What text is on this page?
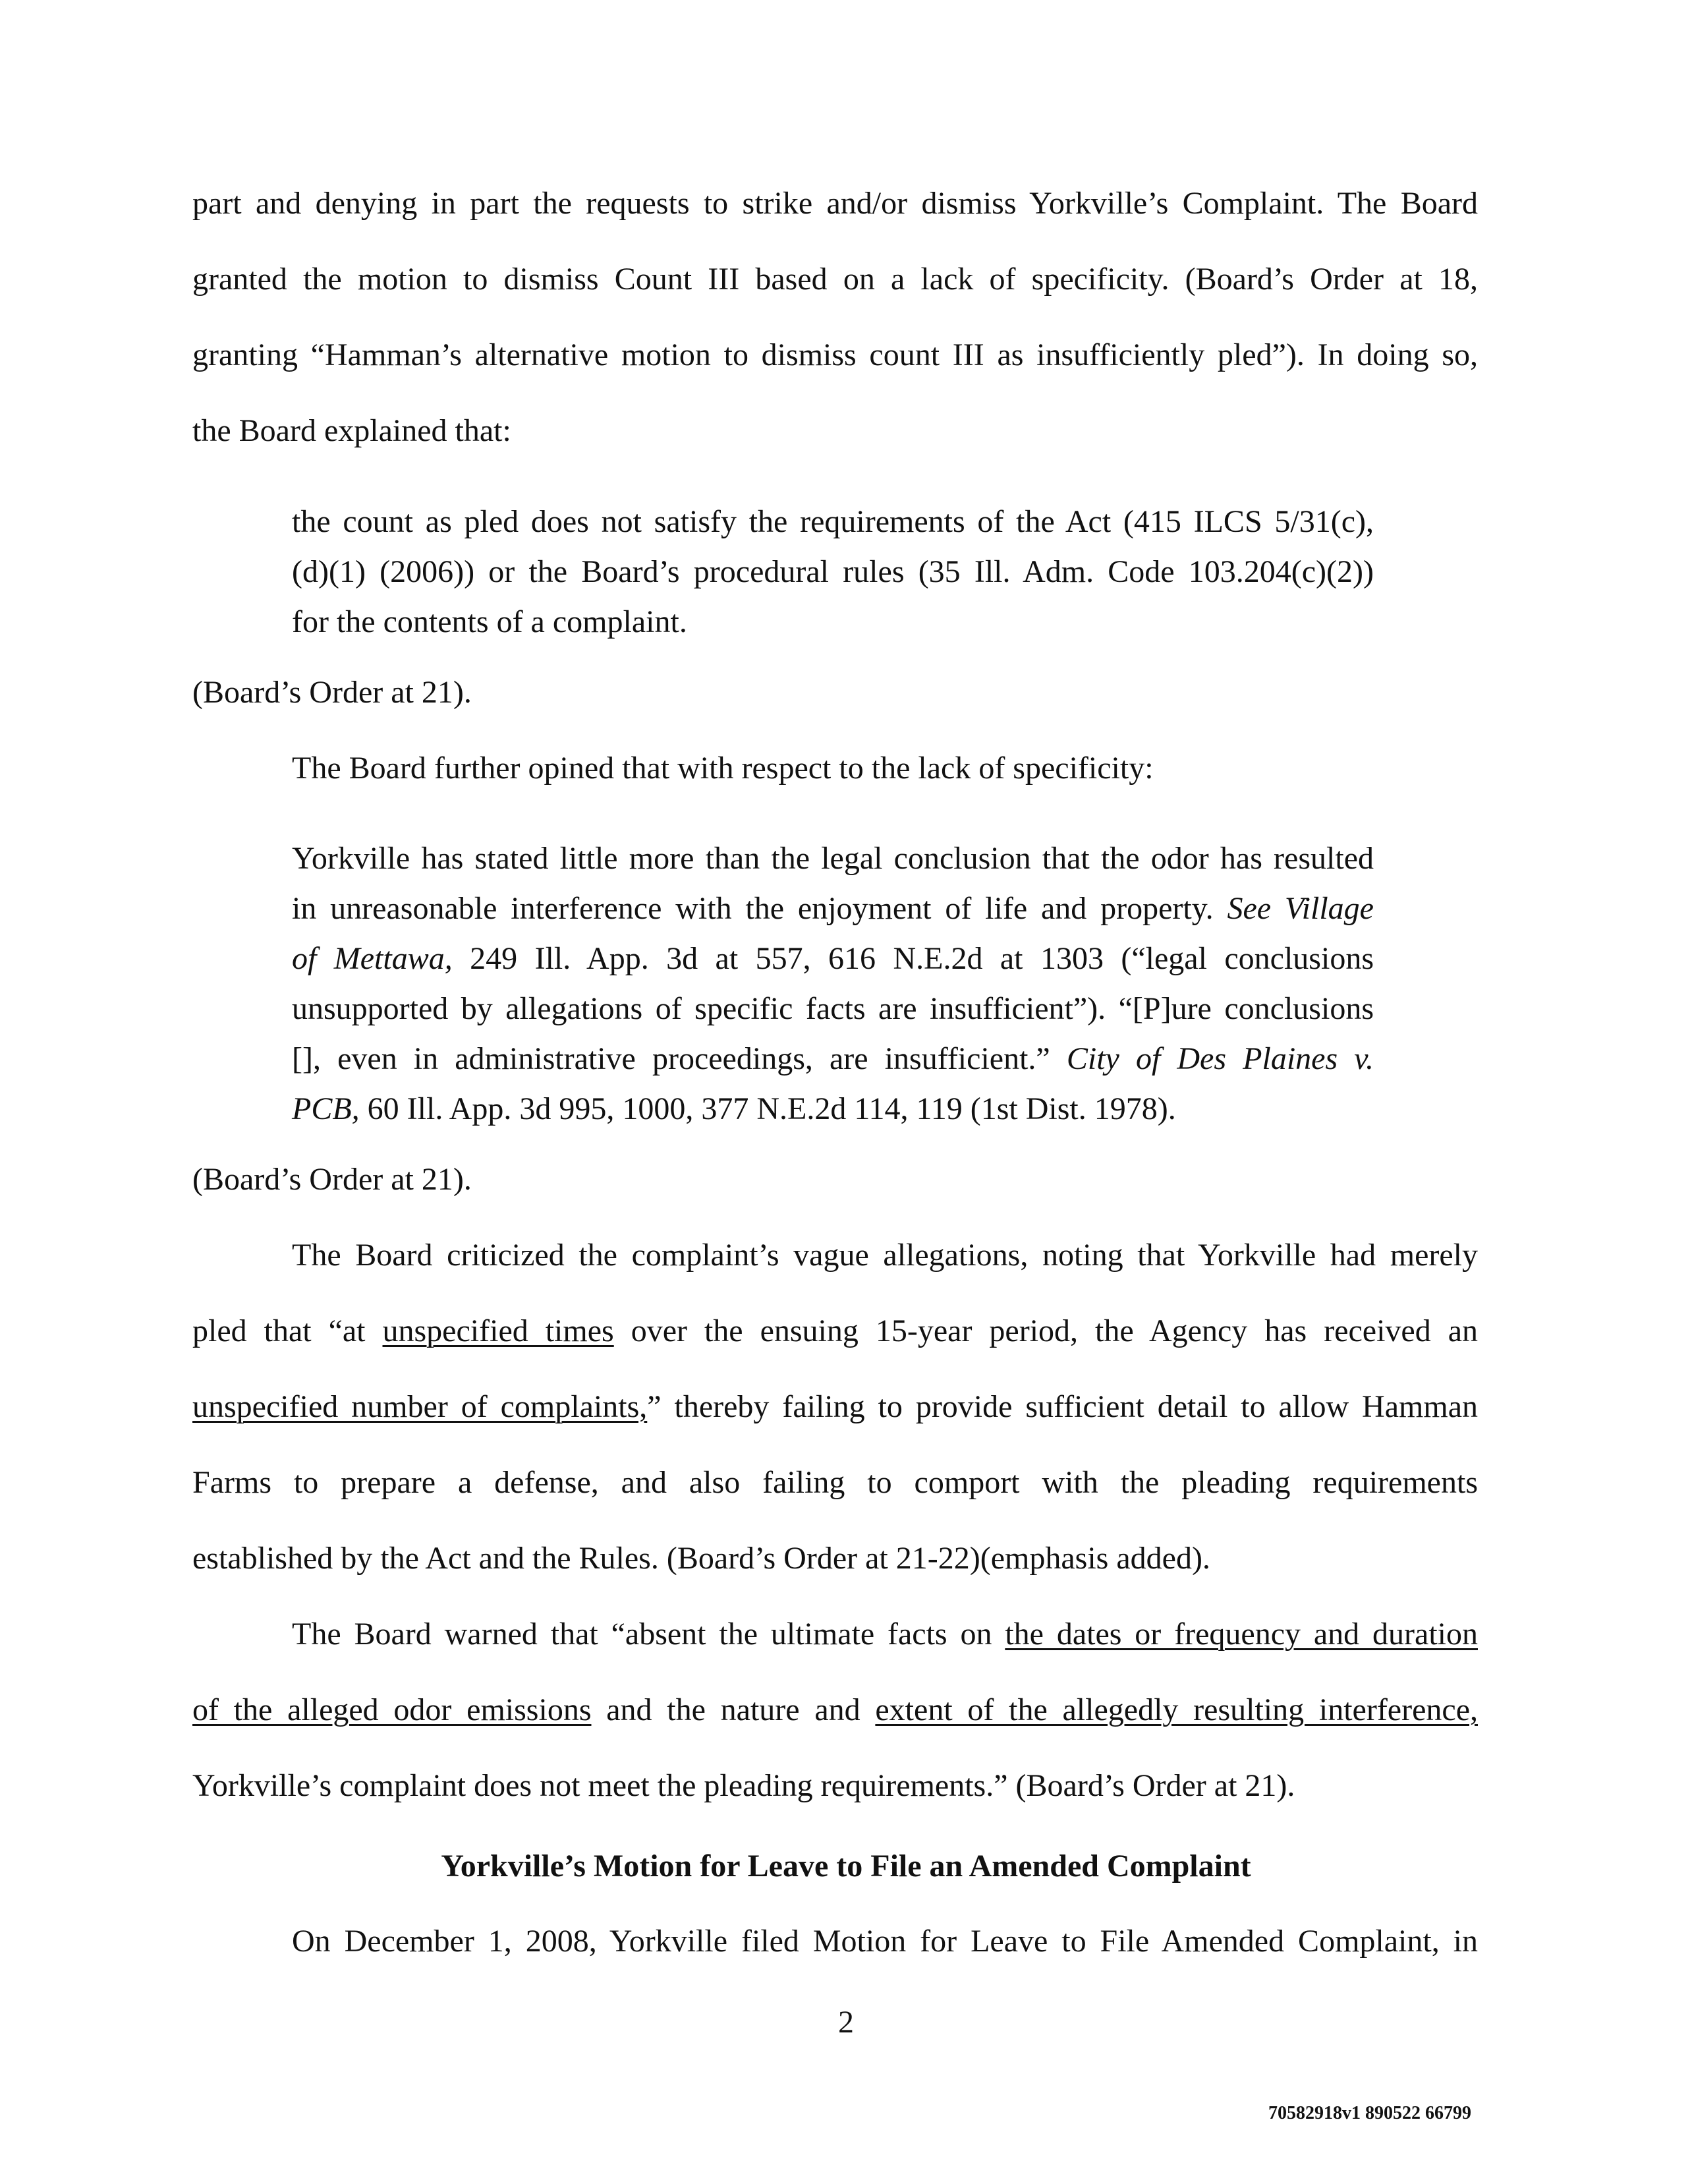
part and denying in part the requests to strike and/or dismiss Yorkville’s Complaint. The Board
granted the motion to dismiss Count III based on a lack of specificity. (Board’s Order at 18,
granting “Hamman’s alternative motion to dismiss count III as insufficiently pled”). In doing so,
the Board explained that:
the count as pled does not satisfy the requirements of the Act (415 ILCS 5/31(c),
(d)(1) (2006)) or the Board’s procedural rules (35 Ill. Adm. Code 103.204(c)(2))
for the contents of a complaint.
(Board’s Order at 21).
The Board further opined that with respect to the lack of specificity:
Yorkville has stated little more than the legal conclusion that the odor has resulted
in unreasonable interference with the enjoyment of life and property. See Village
of Mettawa, 249 Ill. App. 3d at 557, 616 N.E.2d at 1303 (“legal conclusions
unsupported by allegations of specific facts are insufficient”). “[P]ure conclusions
[], even in administrative proceedings, are insufficient.” City of Des Plaines v.
PCB, 60 Ill. App. 3d 995, 1000, 377 N.E.2d 114, 119 (1st Dist. 1978).
(Board’s Order at 21).
The Board criticized the complaint’s vague allegations, noting that Yorkville had merely
pled that “at unspecified times over the ensuing 15-year period, the Agency has received an
unspecified number of complaints,” thereby failing to provide sufficient detail to allow Hamman
Farms to prepare a defense, and also failing to comport with the pleading requirements
established by the Act and the Rules. (Board’s Order at 21-22)(emphasis added).
The Board warned that “absent the ultimate facts on the dates or frequency and duration
of the alleged odor emissions and the nature and extent of the allegedly resulting interference,
Yorkville’s complaint does not meet the pleading requirements.” (Board’s Order at 21).
Yorkville’s Motion for Leave to File an Amended Complaint
On December 1, 2008, Yorkville filed Motion for Leave to File Amended Complaint, in
2
70582918v1 890522 66799
